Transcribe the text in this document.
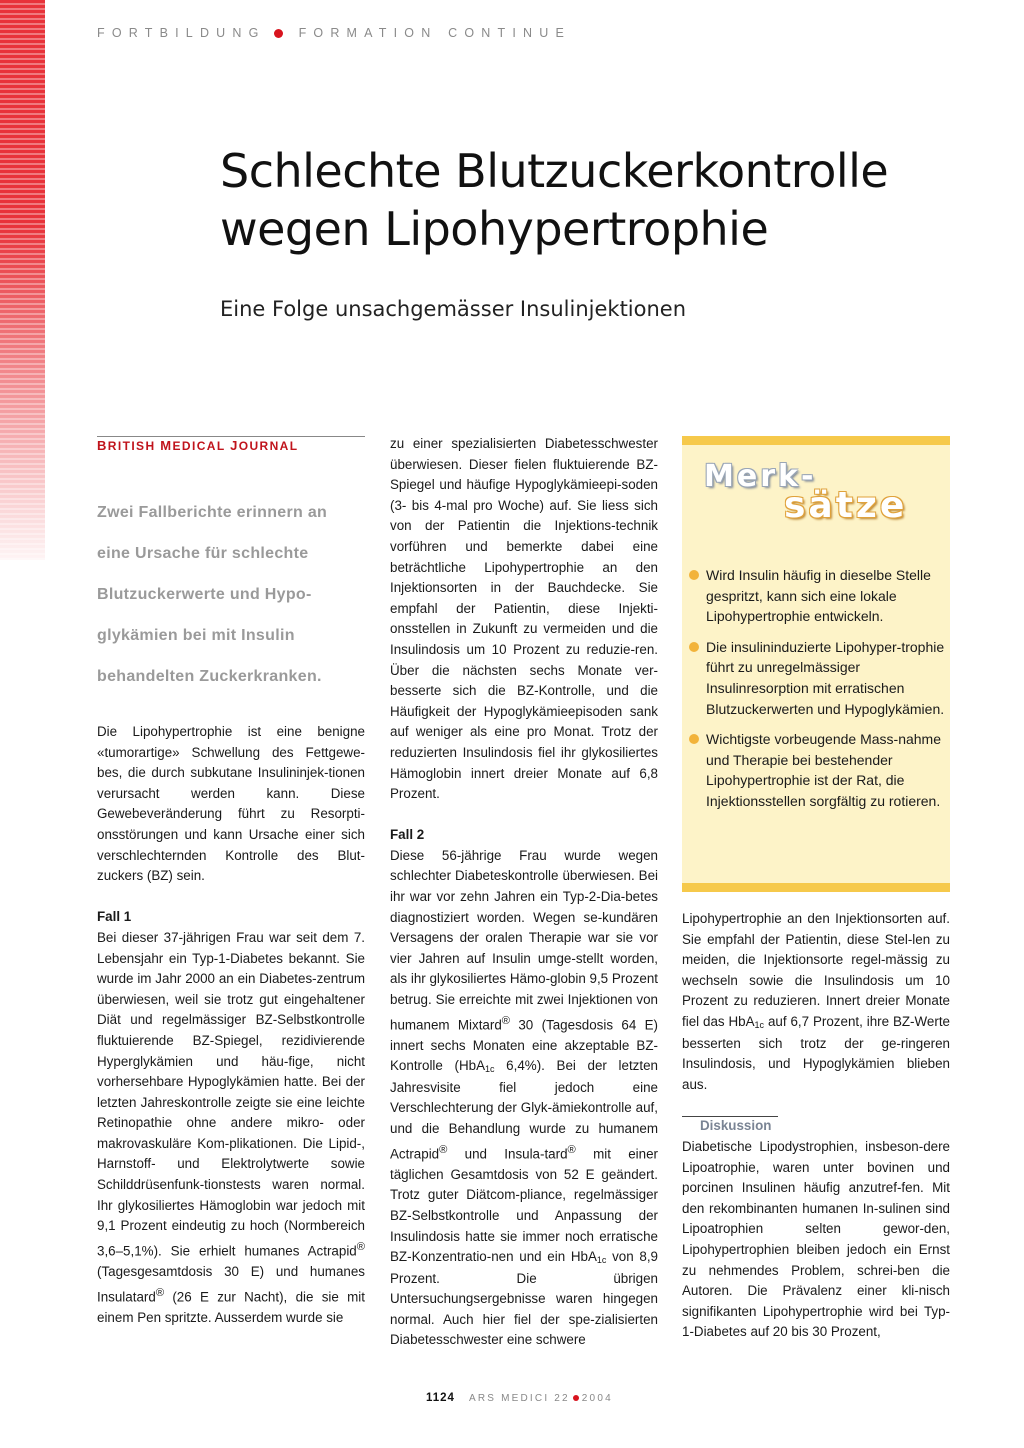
FORTBILDUNG	FORMATION CONTINUE
Schlechte Blutzuckerkontrolle
wegen Lipohypertrophie
Eine Folge unsachgemässer Insulinjektionen
BRITISH MEDICAL JOURNAL
Zwei Fallberichte erinnern an eine Ursache für schlechte Blutzuckerwerte und Hypo-glykämien bei mit Insulin behandelten Zuckerkranken.

Die Lipohypertrophie ist eine benigne «tumorartige» Schwellung des Fettgewe-bes, die durch subkutane Insulininjek-tionen verursacht werden kann. Diese Gewebeveränderung führt zu Resorpti-onsstörungen und kann Ursache einer sich verschlechternden Kontrolle des Blut-zuckers (BZ) sein.

Fall 1

Bei dieser 37-jährigen Frau war seit dem 7. Lebensjahr ein Typ-1-Diabetes bekannt. Sie wurde im Jahr 2000 an ein Diabetes-zentrum überwiesen, weil sie trotz gut eingehaltener Diät und regelmässiger BZ-Selbstkontrolle fluktuierende BZ-Spiegel, rezidivierende Hyperglykämien und häu-fige, nicht vorhersehbare Hypoglykämien hatte. Bei der letzten Jahreskontrolle zeigte sie eine leichte Retinopathie ohne andere mikro- oder makrovaskuläre Kom-plikationen. Die Lipid-, Harnstoff- und Elektrolytwerte sowie Schilddrüsenfunk-tionstests waren normal. Ihr glykosiliertes Hämoglobin war jedoch mit 9,1 Prozent eindeutig zu hoch (Normbereich 3,6–5,1%). Sie erhielt humanes Actrapid® (Tagesgesamtdosis 30 E) und humanes Insulatard® (26 E zur Nacht), die sie mit einem Pen spritzte. Ausserdem wurde sie

zu einer spezialisierten Diabetesschwester überwiesen. Dieser fielen fluktuierende BZ-Spiegel und häufige Hypoglykämieepi-soden (3- bis 4-mal pro Woche) auf. Sie liess sich von der Patientin die Injektions-technik vorführen und bemerkte dabei eine beträchtliche Lipohypertrophie an den Injektionsorten in der Bauchdecke. Sie empfahl der Patientin, diese Injekti-onsstellen in Zukunft zu vermeiden und die Insulindosis um 10 Prozent zu reduzie-ren. Über die nächsten sechs Monate ver-besserte sich die BZ-Kontrolle, und die Häufigkeit der Hypoglykämieepisoden sank auf weniger als eine pro Monat. Trotz der reduzierten Insulindosis fiel ihr glykosiliertes Hämoglobin innert dreier Monate auf 6,8 Prozent.

Fall 2

Diese 56-jährige Frau wurde wegen schlechter Diabeteskontrolle überwiesen. Bei ihr war vor zehn Jahren ein Typ-2-Dia-betes diagnostiziert worden. Wegen se-kundären Versagens der oralen Therapie war sie vor vier Jahren auf Insulin umge-stellt worden, als ihr glykosiliertes Hämo-globin 9,5 Prozent betrug. Sie erreichte mit zwei Injektionen von humanem Mixtard® 30 (Tagesdosis 64 E) innert sechs Monaten eine akzeptable BZ-Kontrolle (HbA$_{1c}$ 6,4%). Bei der letzten Jahresvisite fiel jedoch eine Verschlechterung der Glyk-ämiekontrolle auf, und die Behandlung wurde zu humanem Actrapid® und Insula-tard® mit einer täglichen Gesamtdosis von 52 E geändert. Trotz guter Diätcom-pliance, regelmässiger BZ-Selbstkontrolle und Anpassung der Insulindosis hatte sie immer noch erratische BZ-Konzentratio-nen und ein HbA$_{1c}$ von 8,9 Prozent. Die übrigen Untersuchungsergebnisse waren hingegen normal. Auch hier fiel der spe-zialisierten Diabetesschwester eine schwere

Merk-
sätze
Wird Insulin häufig in dieselbe Stelle gespritzt, kann sich eine lokale Lipohypertrophie entwickeln.
Die insulininduzierte Lipohyper-trophie führt zu unregelmässiger Insulinresorption mit erratischen Blutzuckerwerten und Hypoglykämien.
Wichtigste vorbeugende Mass-nahme und Therapie bei bestehender Lipohypertrophie ist der Rat, die Injektionsstellen sorgfältig zu rotieren.

Lipohypertrophie an den Injektionsorten auf. Sie empfahl der Patientin, diese Stel-len zu meiden, die Injektionsorte regel-mässig zu wechseln sowie die Insulindosis um 10 Prozent zu reduzieren. Innert dreier Monate fiel das HbA$_{1c}$ auf 6,7 Prozent, ihre BZ-Werte besserten sich trotz der ge-ringeren Insulindosis, und Hypoglykämien blieben aus.

Diskussion

Diabetische Lipodystrophien, insbeson-dere Lipoatrophie, waren unter bovinen und porcinen Insulinen häufig anzutref-fen. Mit den rekombinanten humanen In-sulinen sind Lipoatrophien selten gewor-den, Lipohypertrophien bleiben jedoch ein Ernst zu nehmendes Problem, schrei-ben die Autoren. Die Prävalenz einer kli-nisch signifikanten Lipohypertrophie wird bei Typ-1-Diabetes auf 20 bis 30 Prozent,

1124 ARS MEDICI 22 2004
